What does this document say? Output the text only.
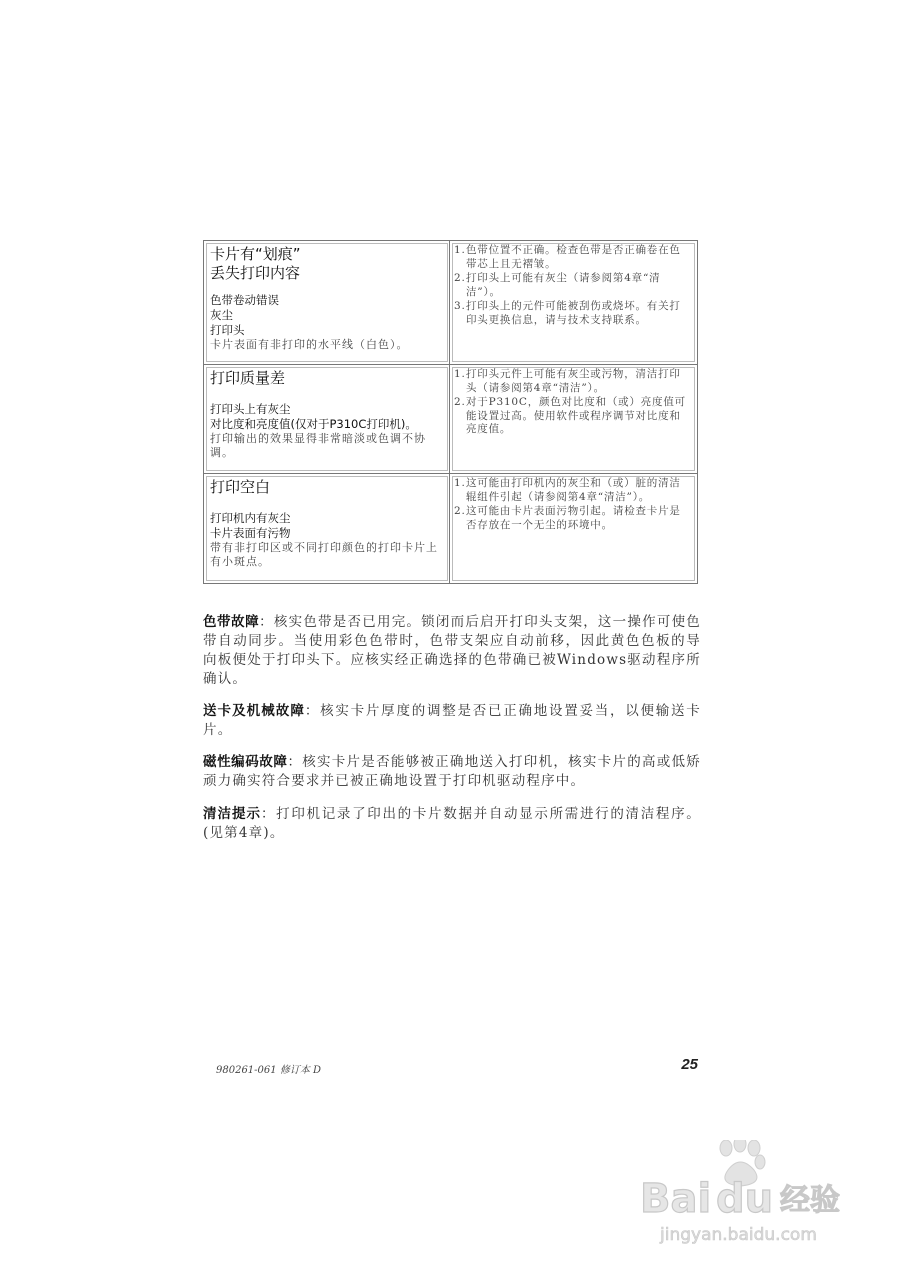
卡片有“划痕”

丢失打印内容

色带卷动错误

灰尘

打印头

卡片表面有非打印的水平线（白色）。

1. 色带位置不正确。检查色带是否正确卷在色带芯上且无褶皱。
2. 打印头上可能有灰尘（请参阅第4章“清洁”）。
3. 打印头上的元件可能被刮伤或烧坏。有关打印头更换信息，请与技术支持联系。

打印质量差

打印头上有灰尘

对比度和亮度值(仅对于P310C打印机)。

打印输出的效果显得非常暗淡或色调不协调。

1. 打印头元件上可能有灰尘或污物，清洁打印头（请参阅第4章“清洁”）。
2. 对于P310C，颜色对比度和（或）亮度值可能设置过高。使用软件或程序调节对比度和亮度值。

打印空白

打印机内有灰尘

卡片表面有污物

带有非打印区或不同打印颜色的打印卡片上有小斑点。

1. 这可能由打印机内的灰尘和（或）脏的清洁辊组件引起（请参阅第4章“清洁”）。
2. 这可能由卡片表面污物引起。请检查卡片是否存放在一个无尘的环境中。

色带故障：核实色带是否已用完。锁闭而后启开打印头支架，这一操作可使色带自动同步。当使用彩色色带时，色带支架应自动前移，因此黄色色板的导向板便处于打印头下。应核实经正确选择的色带确已被Windows驱动程序所确认。

送卡及机械故障：核实卡片厚度的调整是否已正确地设置妥当，以便输送卡片。

磁性编码故障：核实卡片是否能够被正确地送入打印机，核实卡片的高或低矫顽力确实符合要求并已被正确地设置于打印机驱动程序中。

清洁提示：打印机记录了印出的卡片数据并自动显示所需进行的清洁程序。(见第4章)。

980261-061 修订本 D	25
Bai du 经验
jingyan.baidu.com
